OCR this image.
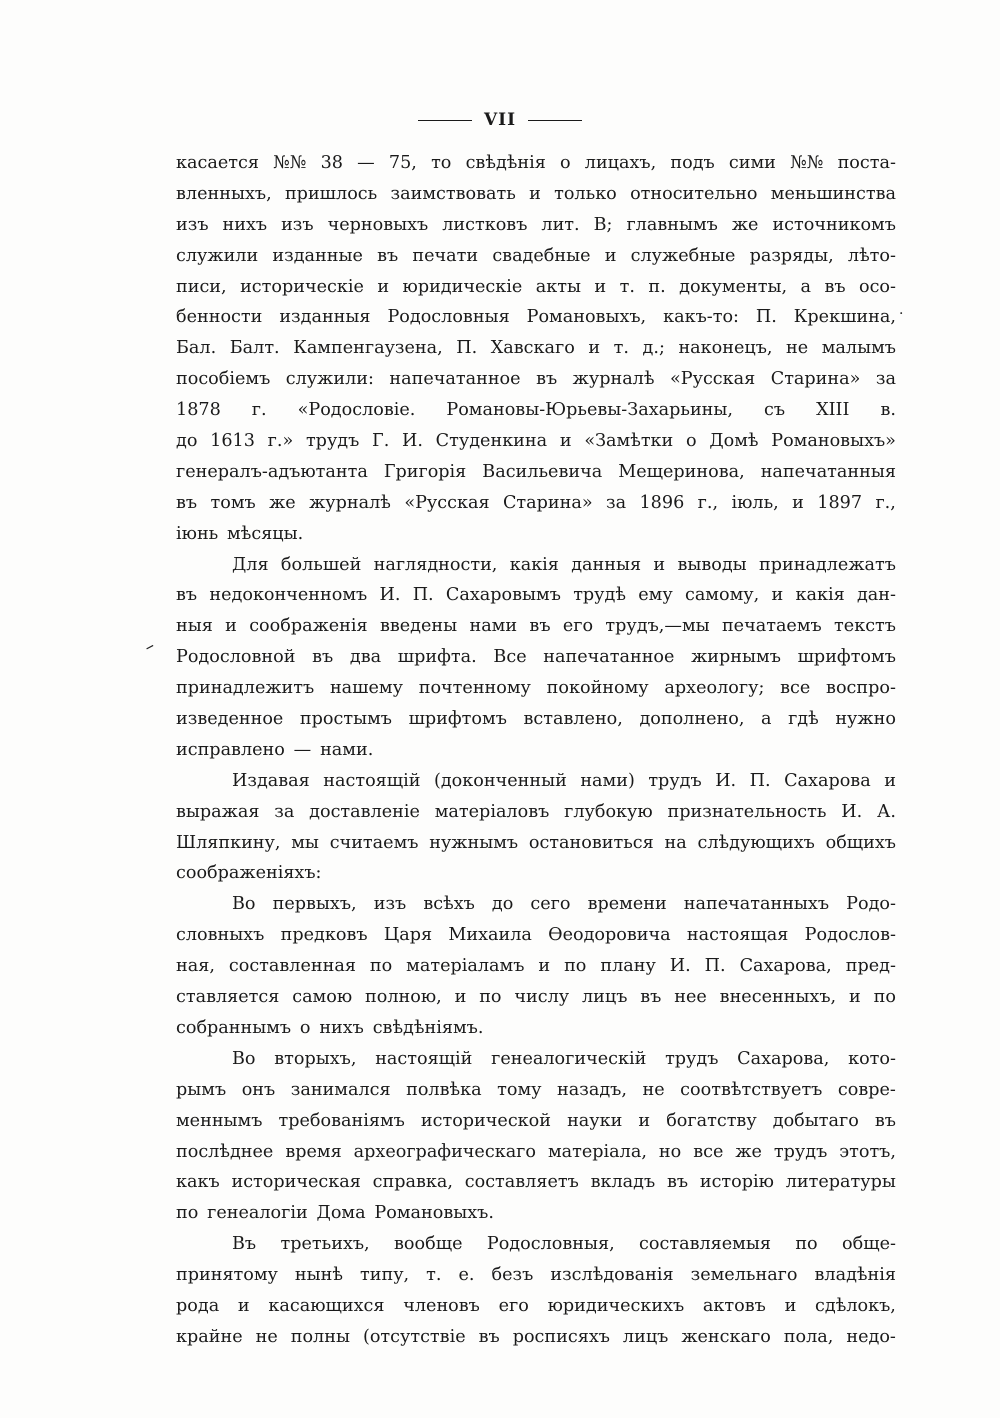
VII
·
–
касается №№ 38 — 75, то свѣдѣнія о лицахъ, подъ сими №№ поста-
вленныхъ, пришлось заимствовать и только относительно меньшинства
изъ нихъ изъ черновыхъ листковъ лит. В; главнымъ же источникомъ
служили изданные въ печати свадебные и служебные разряды, лѣто-
писи, историческіе и юридическіе акты и т. п. документы, а въ осо-
бенности изданныя Родословныя Романовыхъ, какъ-то: П. Крекшина,
Бал. Балт. Кампенгаузена, П. Хавскаго и т. д.; наконецъ, не малымъ
пособіемъ служили: напечатанное въ журналѣ «Русская Старина» за
1878 г. «Родословіе. Романовы-Юрьевы-Захарьины, съ XIII в.
до 1613 г.» трудъ Г. И. Студенкина и «Замѣтки о Домѣ Романовыхъ»
генералъ-адъютанта Григорія Васильевича Мещеринова, напечатанныя
въ томъ же журналѣ «Русская Старина» за 1896 г., іюль, и 1897 г.,
іюнь мѣсяцы.
Для большей наглядности, какія данныя и выводы принадлежатъ
въ недоконченномъ И. П. Сахаровымъ трудѣ ему самому, и какія дан-
ныя и соображенія введены нами въ его трудъ,—мы печатаемъ текстъ
Родословной въ два шрифта. Все напечатанное жирнымъ шрифтомъ
принадлежитъ нашему почтенному покойному археологу; все воспро-
изведенное простымъ шрифтомъ вставлено, дополнено, а гдѣ нужно
исправлено — нами.
Издавая настоящій (доконченный нами) трудъ И. П. Сахарова и
выражая за доставленіе матеріаловъ глубокую признательность И. А.
Шляпкину, мы считаемъ нужнымъ остановиться на слѣдующихъ общихъ
соображеніяхъ:
Во первыхъ, изъ всѣхъ до сего времени напечатанныхъ Родо-
словныхъ предковъ Царя Михаила Ѳеодоровича настоящая Родослов-
ная, составленная по матеріаламъ и по плану И. П. Сахарова, пред-
ставляется самою полною, и по числу лицъ въ нее внесенныхъ, и по
собраннымъ о нихъ свѣдѣніямъ.
Во вторыхъ, настоящій генеалогическій трудъ Сахарова, кото-
рымъ онъ занимался полвѣка тому назадъ, не соотвѣтствуетъ совре-
меннымъ требованіямъ исторической науки и богатству добытаго въ
послѣднее время археографическаго матеріала, но все же трудъ этотъ,
какъ историческая справка, составляетъ вкладъ въ исторію литературы
по генеалогіи Дома Романовыхъ.
Въ третьихъ, вообще Родословныя, составляемыя по обще-
принятому нынѣ типу, т. е. безъ изслѣдованія земельнаго владѣнія
рода и касающихся членовъ его юридическихъ актовъ и сдѣлокъ,
крайне не полны (отсутствіе въ росписяхъ лицъ женскаго пола, недо-
